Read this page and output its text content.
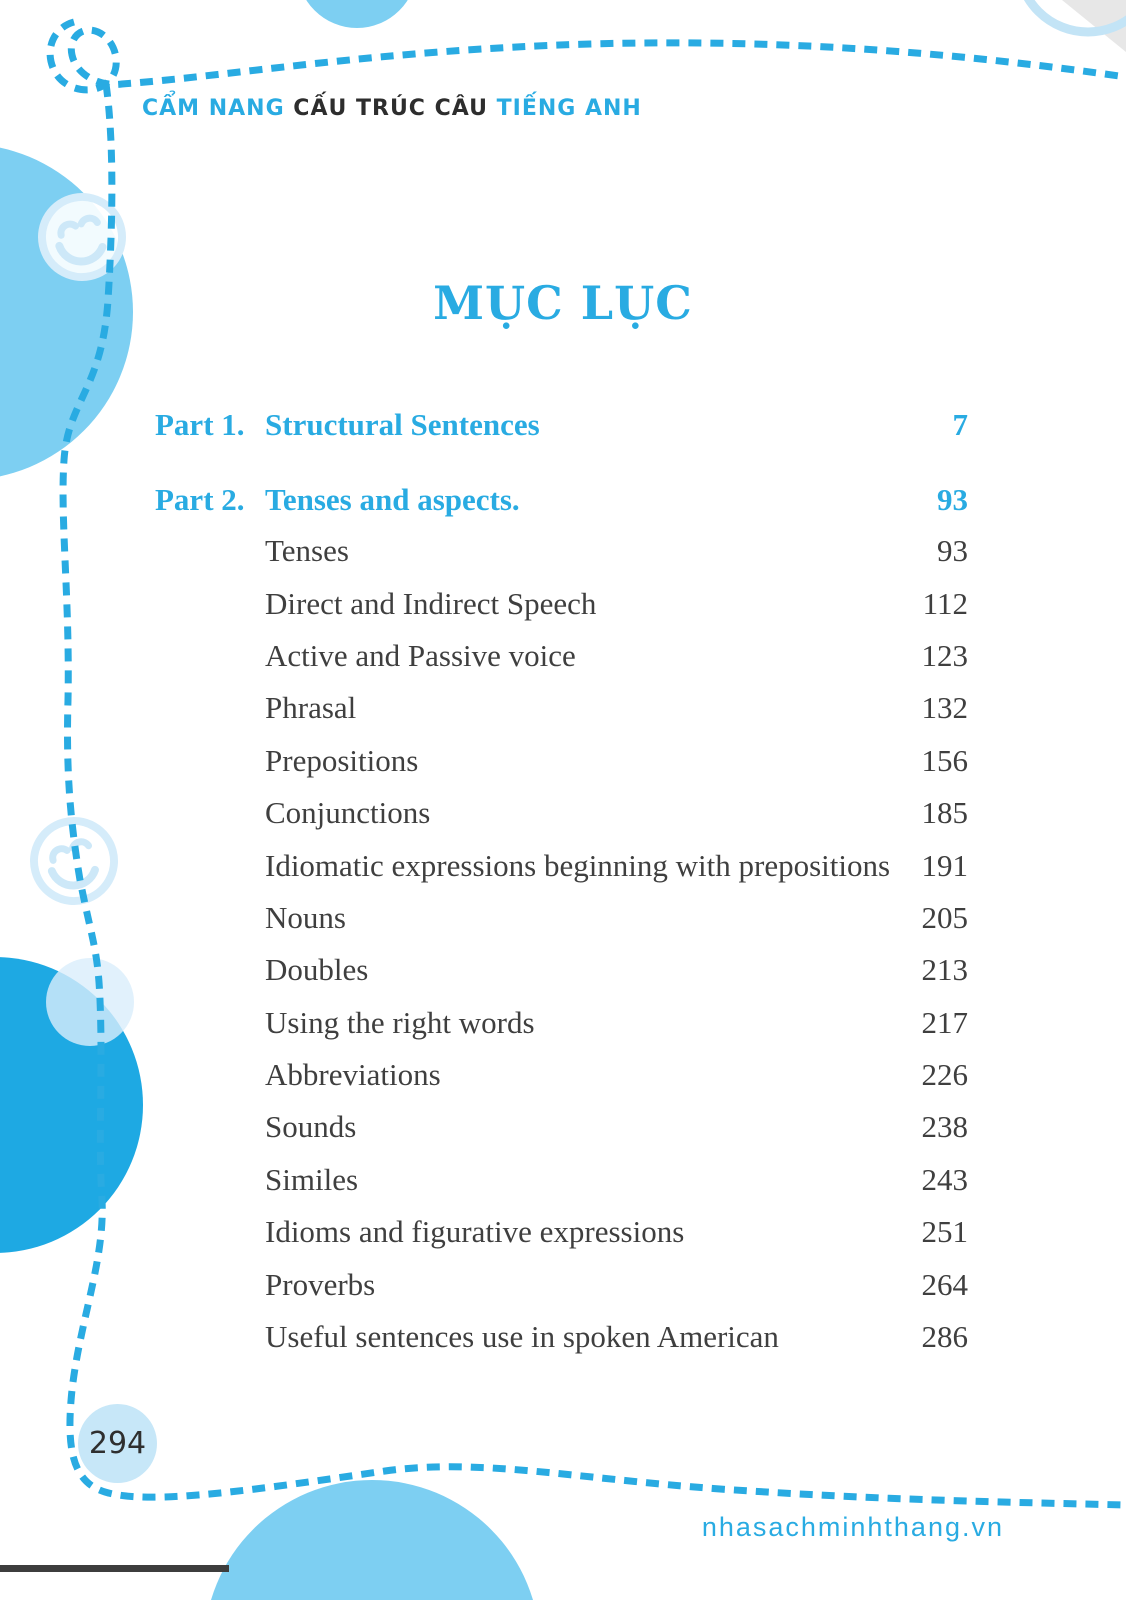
CẨM NANG CẤU TRÚC CÂU TIẾNG ANH
MỤC LỤC
Part 1. Structural Sentences	7
Part 2. Tenses and aspects.	93
Tenses	93
Direct and Indirect Speech	112
Active and Passive voice	123
Phrasal	132
Prepositions	156
Conjunctions	185
Idiomatic expressions beginning with prepositions	191
Nouns	205
Doubles	213
Using the right words	217
Abbreviations	226
Sounds	238
Similes	243
Idioms and figurative expressions	251
Proverbs	264
Useful sentences use in spoken American	286
294
nhasachminhthang.vn
